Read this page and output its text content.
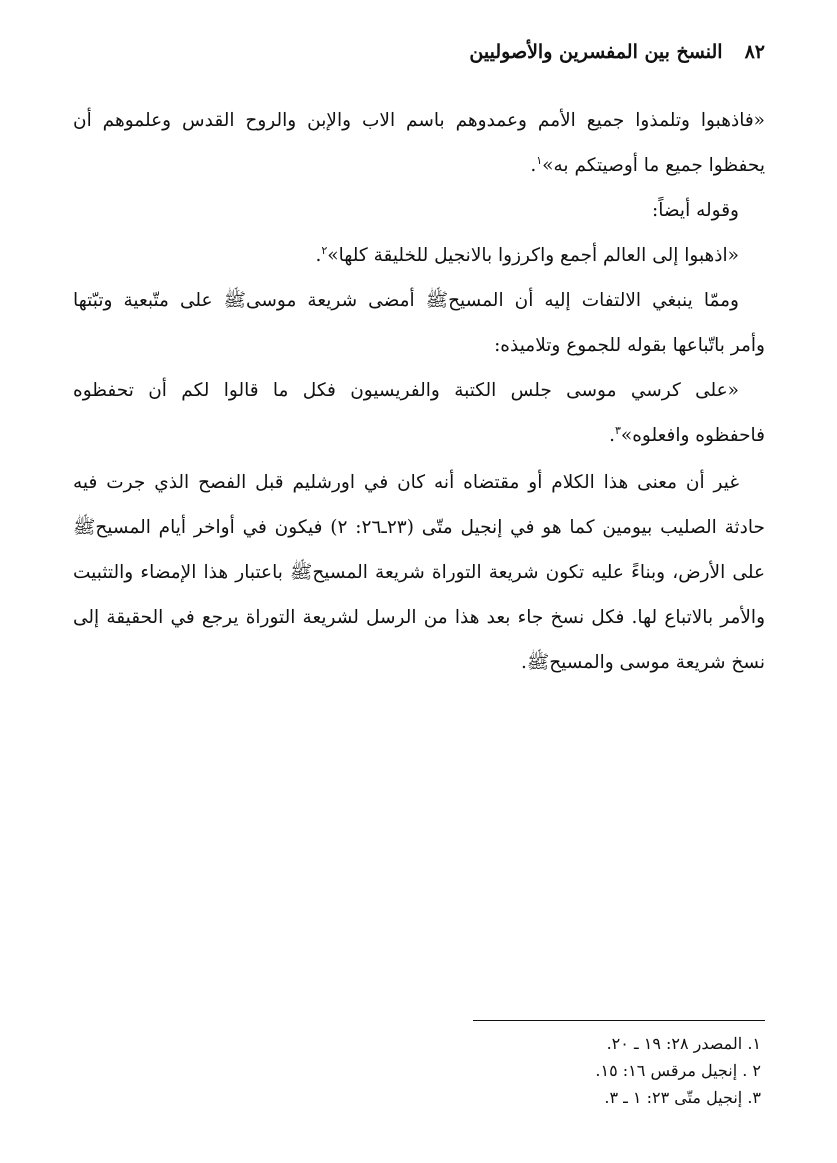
٨٢
النسخ بين المفسرين والأصوليين
«فاذهبوا وتلمذوا جميع الأمم وعمدوهم باسم الاب والإبن والروح القدس وعلموهم أن
يحفظوا جميع ما أوصيتكم به»$^١$.
وقوله أيضاً:
«اذهبوا إلى العالم أجمع واكرزوا بالانجيل للخليقة كلها»$^٢$.
وممّا ينبغي الالتفات إليه أن المسيحﷺ أمضى شريعة موسىﷺ على متّبعية وتبّتها
وأمر باتّباعها بقوله للجموع وتلاميذه:
«على كرسي موسى جلس الكتبة والفريسيون فكل ما قالوا لكم أن تحفظوه
فاحفظوه وافعلوه»$^٣$.
غير أن معنى هذا الكلام أو مقتضاه أنه كان في اورشليم قبل الفصح الذي جرت فيه
حادثة الصليب بيومين كما هو في إنجيل متّى (٢٣ـ٢٦: ٢) فيكون في أواخر أيام المسيحﷺ
على الأرض، وبناءً عليه تكون شريعة التوراة شريعة المسيحﷺ باعتبار هذا الإمضاء والتثبيت
والأمر بالاتباع لها. فكل نسخ جاء بعد هذا من الرسل لشريعة التوراة يرجع في الحقيقة إلى
نسخ شريعة موسى والمسيحﷺ.
١. المصدر ٢٨: ١٩ ـ ٢٠.
٢ . إنجيل مرقس ١٦: ١٥.
٣. إنجيل متّى ٢٣: ١ ـ ٣.
